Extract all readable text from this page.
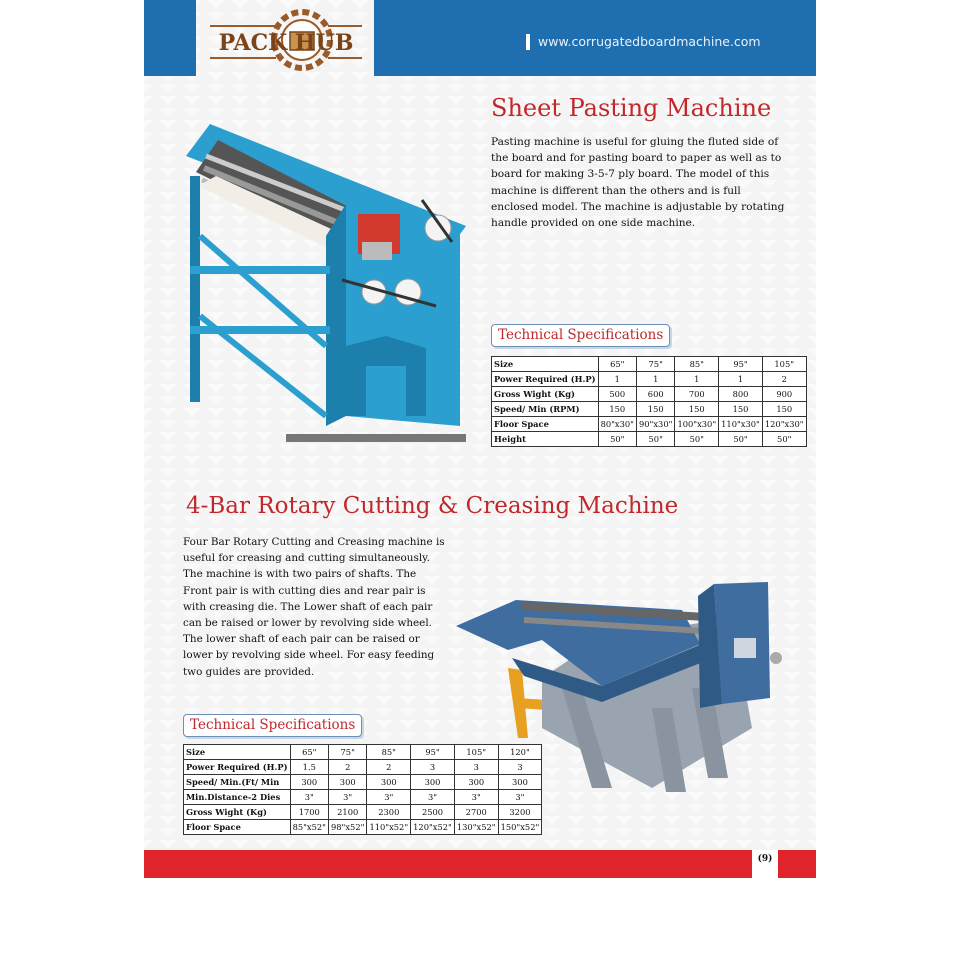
PACK HUB	www.corrugatedboardmachine.com
Sheet Pasting Machine

Pasting machine is useful for gluing the fluted side of the board and for pasting board to paper as well as to board for making 3-5-7 ply board. The model of this machine is different than the others and is full enclosed model. The machine is adjustable by rotating handle provided on one side machine.

Technical Specifications
Size	65"	75"	85"	95"	105"
Power Required (H.P)	1	1	1	1	2
Gross Wight (Kg)	500	600	700	800	900
Speed/ Min (RPM)	150	150	150	150	150
Floor Space	80"x30"	90"x30"	100"x30"	110"x30"	120"x30"
Height	50"	50"	50"	50"	50"
4-Bar Rotary Cutting & Creasing Machine

Four Bar Rotary Cutting and Creasing machine is useful for creasing and cutting simultaneously. The machine is with two pairs of shafts. The Front pair is with cutting dies and rear pair is with creasing die. The Lower shaft of each pair can be raised or lower by revolving side wheel. The lower shaft of each pair can be raised or lower by revolving side wheel. For easy feeding two guides are provided.

Technical Specifications
Size	65"	75"	85"	95"	105"	120"
Power Required (H.P)	1.5	2	2	3	3	3
Speed/ Min.(Ft/ Min	300	300	300	300	300	300
Min.Distance-2 Dies	3"	3"	3"	3"	3"	3"
Gross Wight (Kg)	1700	2100	2300	2500	2700	3200
Floor Space	85"x52"	98"x52"	110"x52"	120"x52"	130"x52"	150"x52"
(9)
